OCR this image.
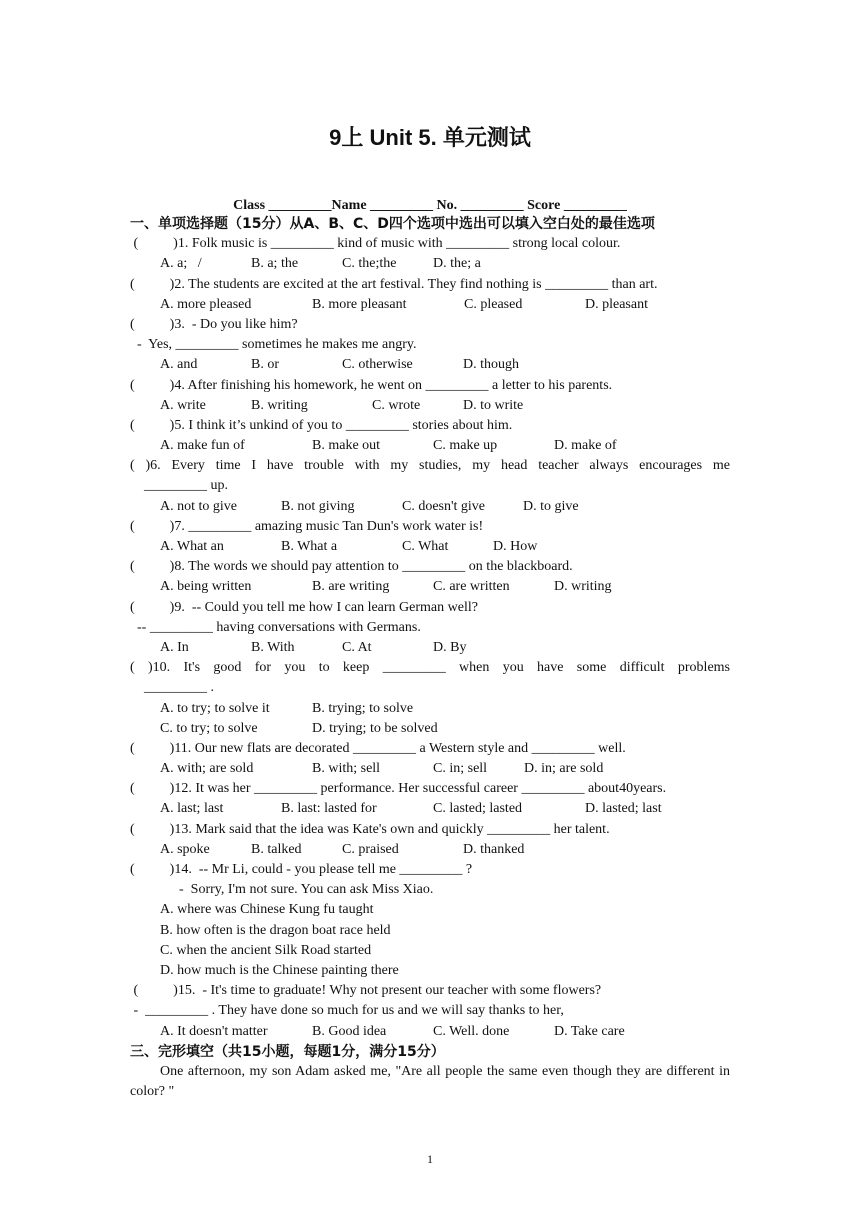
9上 Unit 5. 单元测试
Class _________Name _________ No. _________ Score _________
一、单项选择题（15分）从A、B、C、D四个选项中选出可以填入空白处的最佳选项
(          )1. Folk music is _________ kind of music with _________ strong local colour.
A. a;   /	B. a; the	C. the;the	D. the; a
(          )2. The students are excited at the art festival. They find nothing is _________ than art.
A. more pleased	B. more pleasant	C. pleased	D. pleasant
(          )3.  - Do you like him?
-  Yes, _________ sometimes he makes me angry.
A. and	B. or	C. otherwise	D. though
(          )4. After finishing his homework, he went on _________ a letter to his parents.
A. write	B. writing	C. wrote	D. to write
(          )5. I think it’s unkind of you to _________ stories about him.
A. make fun of	B. make out	C. make up	D. make of
( )6. Every time I have trouble with my studies, my head teacher always encourages me
_________ up.
A. not to give	B. not giving	C. doesn't give	D. to give
(          )7. _________ amazing music Tan Dun's work water is!
A. What an	B. What a	C. What	D. How
(          )8. The words we should pay attention to _________ on the blackboard.
A. being written	B. are writing	C. are written	D. writing
(          )9.  -- Could you tell me how I can learn German well?
-- _________ having conversations with Germans.
A. In	B. With	C. At	D. By
( )10. It's good for you to keep _________ when you have some difficult problems
_________ .
A. to try; to solve it	B. trying; to solve
C. to try; to solve	D. trying; to be solved
(          )11. Our new flats are decorated _________ a Western style and _________ well.
A. with; are sold	B. with; sell	C. in; sell	D. in; are sold
(          )12. It was her _________ performance. Her successful career _________ about40years.
A. last; last	B. last: lasted for	C. lasted; lasted	D. lasted; last
(          )13. Mark said that the idea was Kate's own and quickly _________ her talent.
A. spoke	B. talked	C. praised	D. thanked
(          )14.  -- Mr Li, could - you please tell me _________ ?
-  Sorry, I'm not sure. You can ask Miss Xiao.
A. where was Chinese Kung fu taught
B. how often is the dragon boat race held
C. when the ancient Silk Road started
D. how much is the Chinese painting there
(          )15.  - It's time to graduate! Why not present our teacher with some flowers?
-  _________ . They have done so much for us and we will say thanks to her,
A. It doesn't matter	B. Good idea	C. Well. done	D. Take care
三、完形填空（共15小题，每题1分，满分15分）
One afternoon, my son Adam asked me, "Are all people the same even though they are different in color? "
1
